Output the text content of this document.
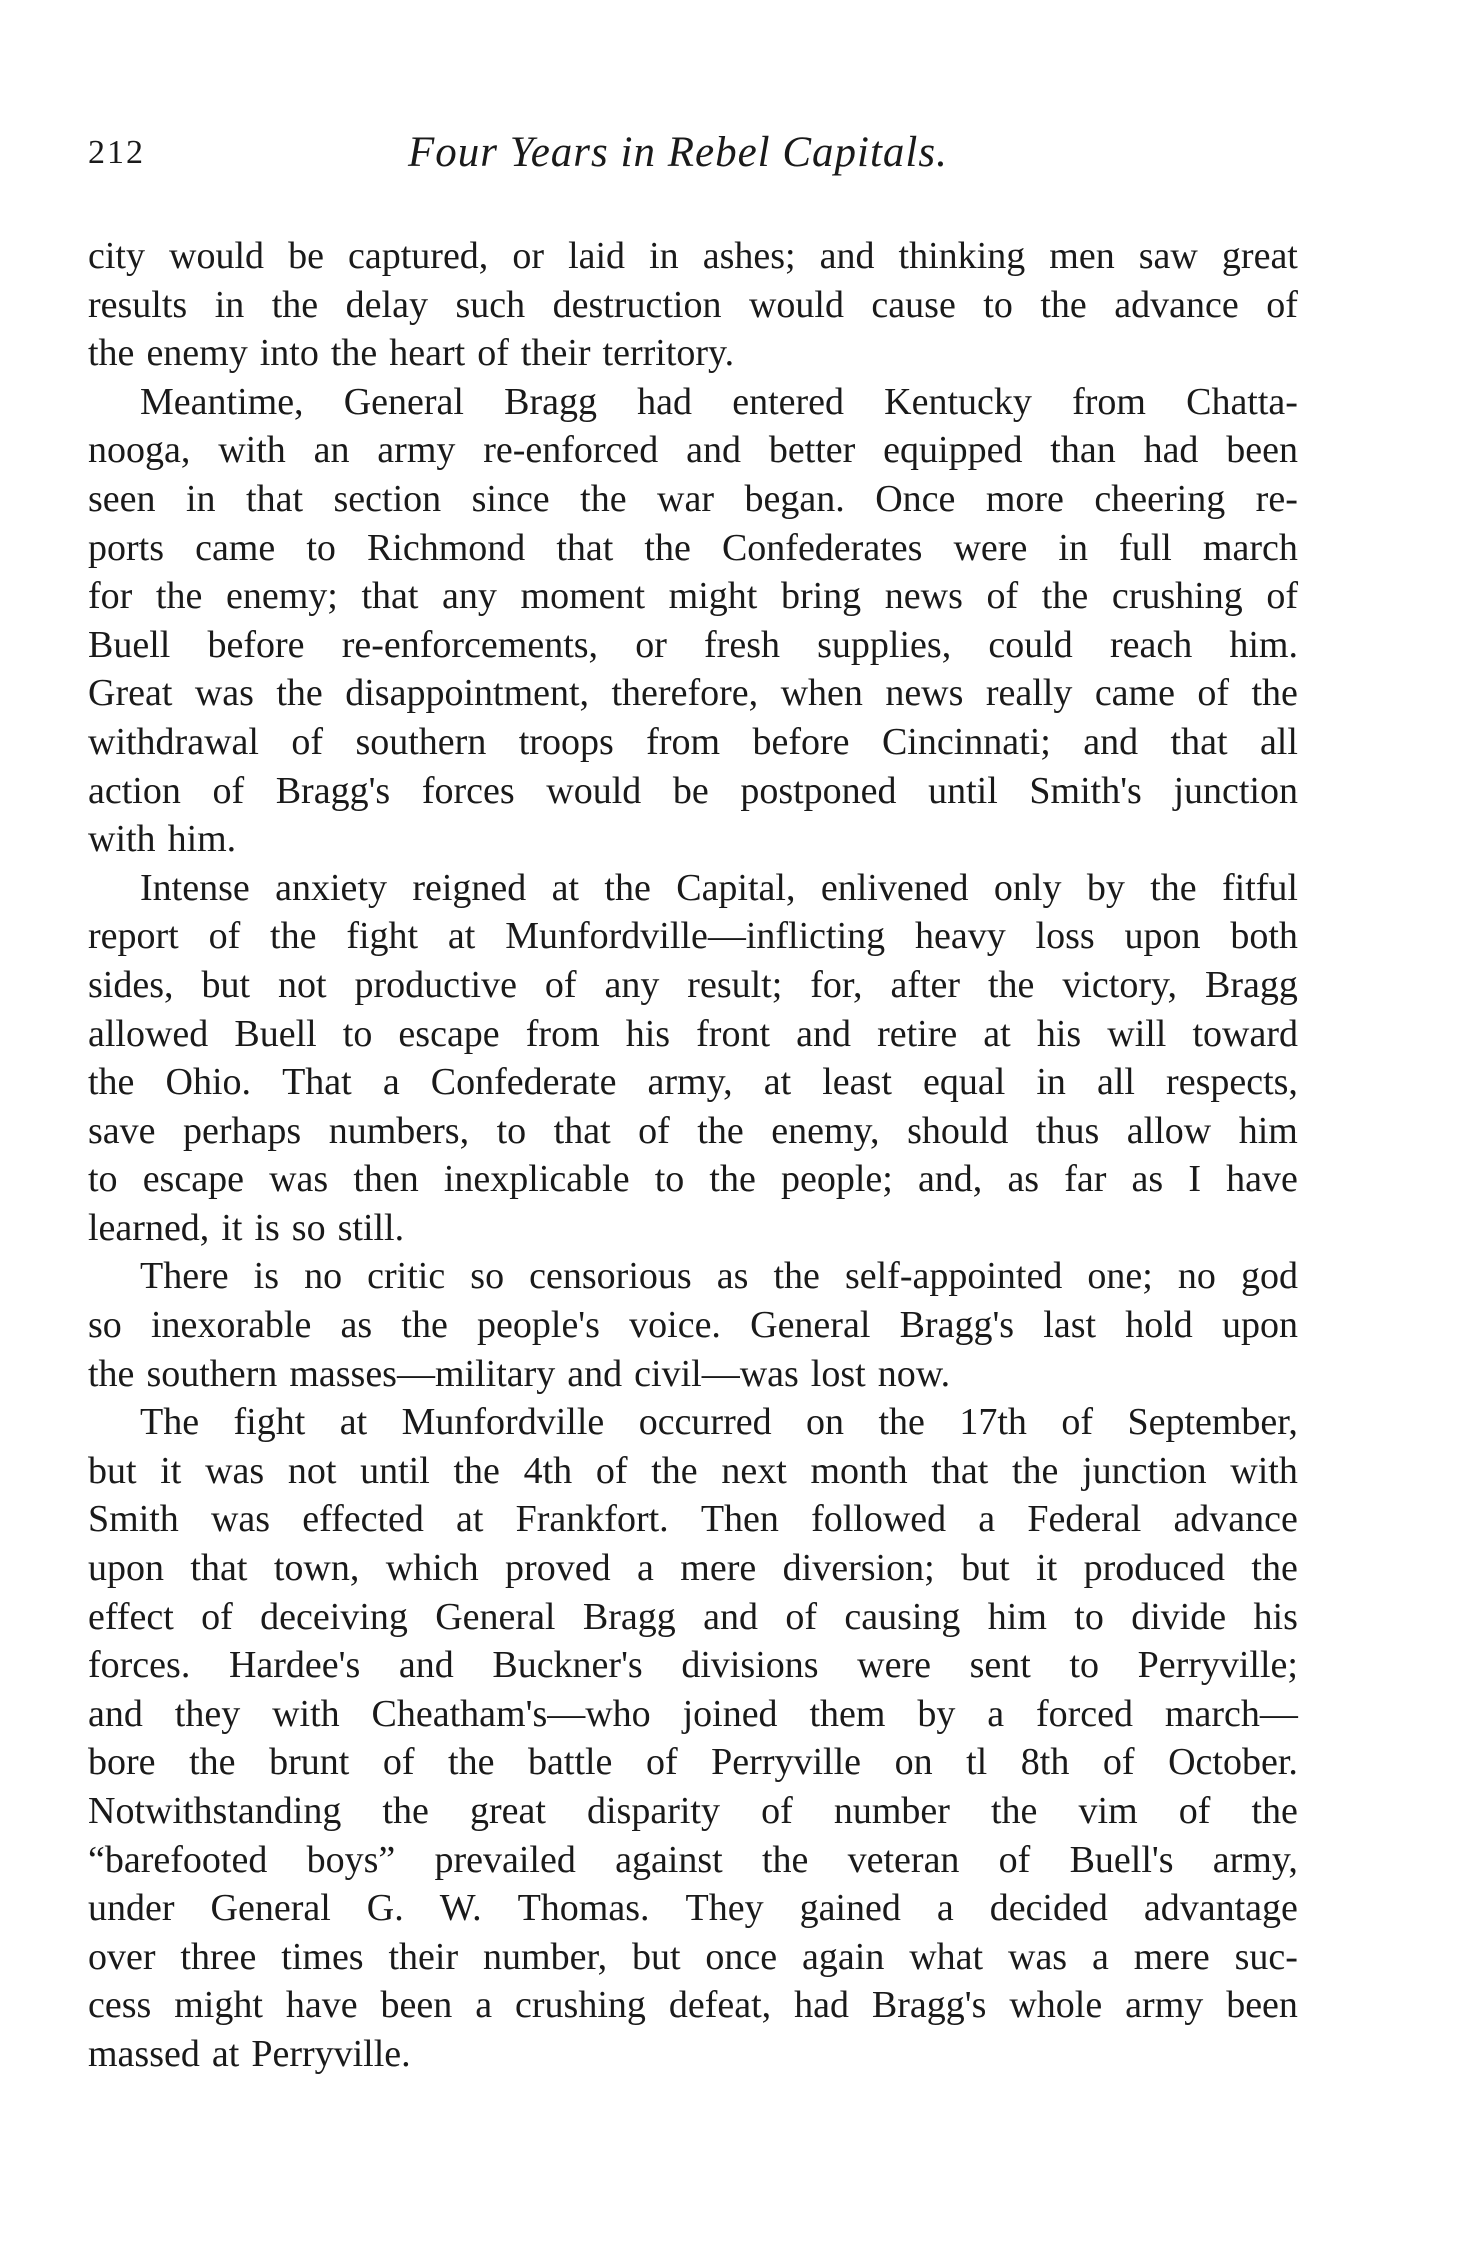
212	Four Years in Rebel Capitals.
city would be captured, or laid in ashes; and thinking men saw great
results in the delay such destruction would cause to the advance of
the enemy into the heart of their territory.
Meantime, General Bragg had entered Kentucky from Chatta-
nooga, with an army re-enforced and better equipped than had been
seen in that section since the war began. Once more cheering re-
ports came to Richmond that the Confederates were in full march
for the enemy; that any moment might bring news of the crushing of
Buell before re-enforcements, or fresh supplies, could reach him.
Great was the disappointment, therefore, when news really came of the
withdrawal of southern troops from before Cincinnati; and that all
action of Bragg's forces would be postponed until Smith's junction
with him.
Intense anxiety reigned at the Capital, enlivened only by the fitful
report of the fight at Munfordville—inflicting heavy loss upon both
sides, but not productive of any result; for, after the victory, Bragg
allowed Buell to escape from his front and retire at his will toward
the Ohio. That a Confederate army, at least equal in all respects,
save perhaps numbers, to that of the enemy, should thus allow him
to escape was then inexplicable to the people; and, as far as I have
learned, it is so still.
There is no critic so censorious as the self-appointed one; no god
so inexorable as the people's voice. General Bragg's last hold upon
the southern masses—military and civil—was lost now.
The fight at Munfordville occurred on the 17th of September,
but it was not until the 4th of the next month that the junction with
Smith was effected at Frankfort. Then followed a Federal advance
upon that town, which proved a mere diversion; but it produced the
effect of deceiving General Bragg and of causing him to divide his
forces. Hardee's and Buckner's divisions were sent to Perryville;
and they with Cheatham's—who joined them by a forced march—
bore the brunt of the battle of Perryville on tl 8th of October.
Notwithstanding the great disparity of number the vim of the
“barefooted boys” prevailed against the veteran of Buell's army,
under General G. W. Thomas. They gained a decided advantage
over three times their number, but once again what was a mere suc-
cess might have been a crushing defeat, had Bragg's whole army been
massed at Perryville.
